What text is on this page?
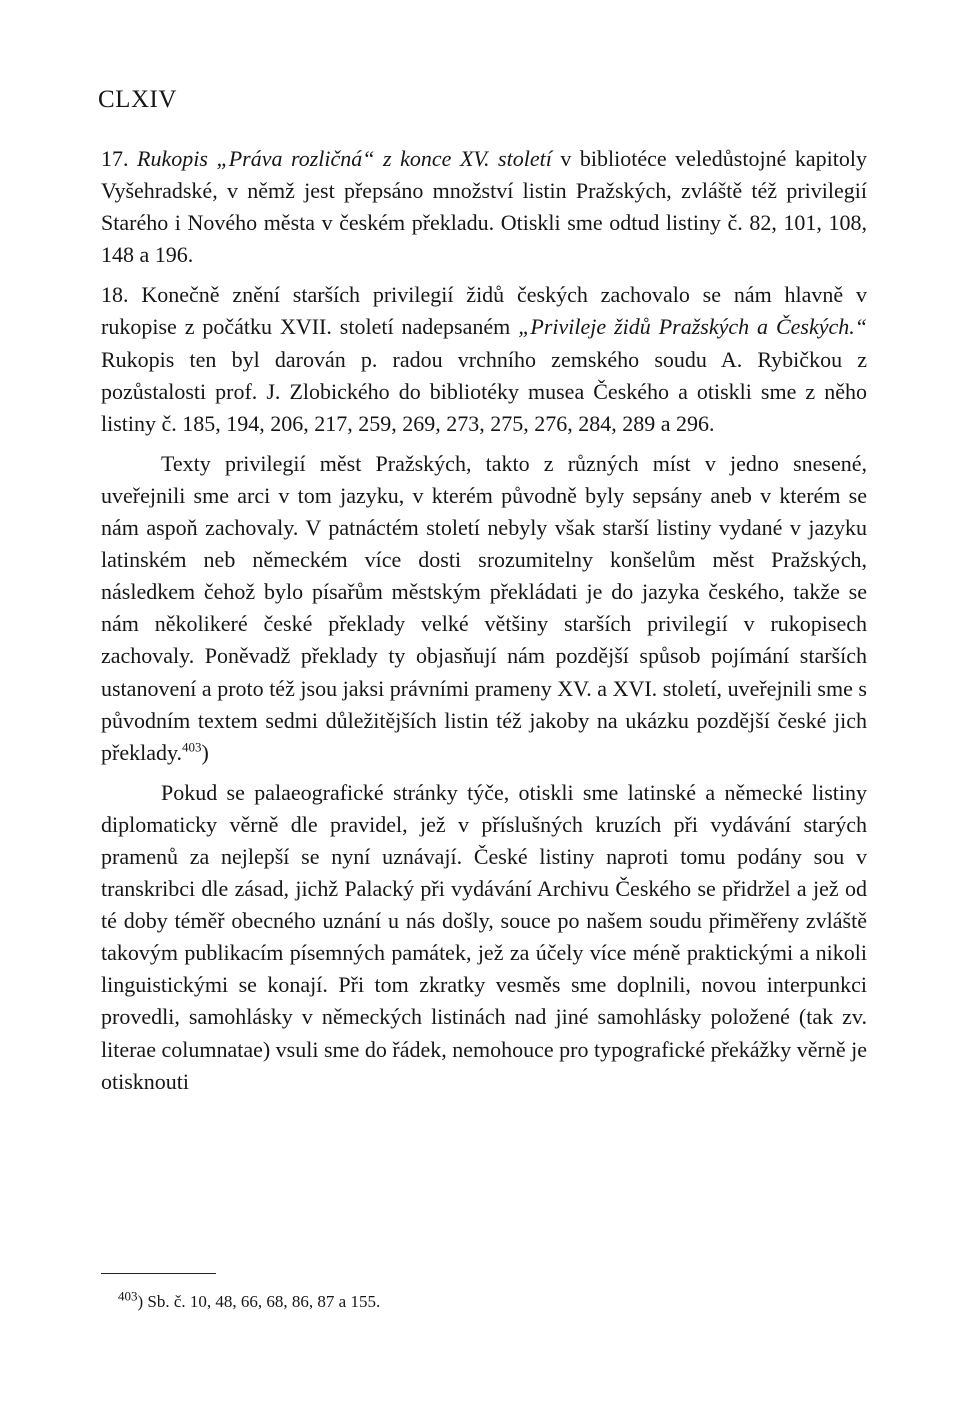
CLXIV

17. Rukopis „Práva rozličná“ z konce XV. století v bibliotéce veledůstojné kapitoly Vyšehradské, v němž jest přepsáno množství listin Pražských, zvláště též privilegií Starého i Nového města v českém překladu. Otiskli sme odtud listiny č. 82, 101, 108, 148 a 196.

18. Konečně znění starších privilegií židů českých zachovalo se nám hlavně v rukopise z počátku XVII. století nadepsaném „Privileje židů Pražských a Českých.“ Rukopis ten byl darován p. radou vrchního zemského soudu A. Rybičkou z pozůstalosti prof. J. Zlobického do bibliotéky musea Českého a otiskli sme z něho listiny č. 185, 194, 206, 217, 259, 269, 273, 275, 276, 284, 289 a 296.

Texty privilegií měst Pražských, takto z různých míst v jedno snesené, uveřejnili sme arci v tom jazyku, v kterém původně byly sepsány aneb v kterém se nám aspoň zachovaly. V patnáctém století nebyly však starší listiny vydané v jazyku latinském neb německém více dosti srozumitelny konšelům měst Pražských, následkem čehož bylo písařům městským překládati je do jazyka českého, takže se nám několikeré české překlady velké většiny starších privilegií v rukopisech zachovaly. Poněvadž překlady ty objasňují nám pozdější spůsob pojímání starších ustanovení a proto též jsou jaksi právními prameny XV. a XVI. století, uveřejnili sme s původním textem sedmi důležitějších listin též jakoby na ukázku pozdější české jich překlady.$^{403}$)

Pokud se palaeografické stránky týče, otiskli sme latinské a německé listiny diplomaticky věrně dle pravidel, jež v příslušných kruzích při vydávání starých pramenů za nejlepší se nyní uznávají. České listiny naproti tomu podány sou v transkribci dle zásad, jichž Palacký při vydávání Archivu Českého se přidržel a jež od té doby téměř obecného uznání u nás došly, souce po našem soudu přiměřeny zvláště takovým publikacím písemných památek, jež za účely více méně praktickými a nikoli linguistickými se konají. Při tom zkratky vesměs sme doplnili, novou interpunkci provedli, samohlásky v německých listinách nad jiné samohlásky položené (tak zv. literae columnatae) vsuli sme do řádek, nemohouce pro typografické překážky věrně je otisknouti

$^{403}$) Sb. č. 10, 48, 66, 68, 86, 87 a 155.
